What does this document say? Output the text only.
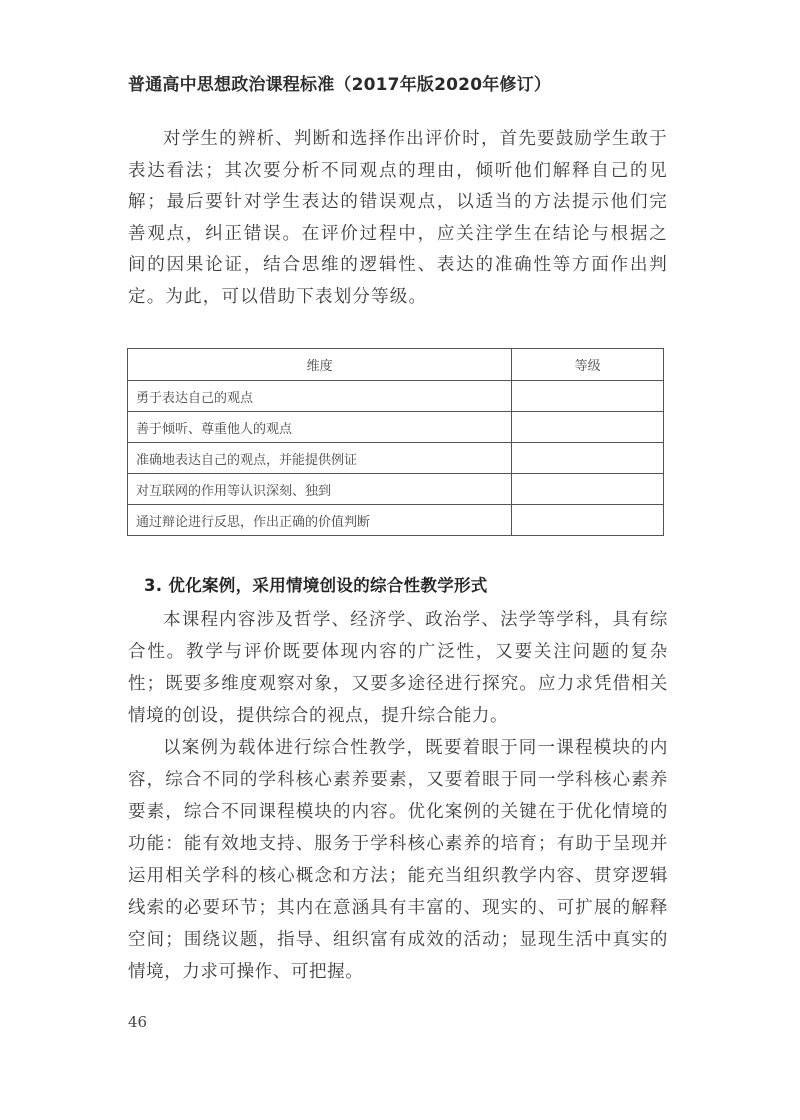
普通高中思想政治课程标准（2017年版2020年修订）

对学生的辨析、判断和选择作出评价时，首先要鼓励学生敢于表达看法；其次要分析不同观点的理由，倾听他们解释自己的见解；最后要针对学生表达的错误观点，以适当的方法提示他们完善观点，纠正错误。在评价过程中，应关注学生在结论与根据之间的因果论证，结合思维的逻辑性、表达的准确性等方面作出判定。为此，可以借助下表划分等级。

维度	等级
勇于表达自己的观点	
善于倾听、尊重他人的观点	
准确地表达自己的观点，并能提供例证	
对互联网的作用等认识深刻、独到	
通过辩论进行反思，作出正确的价值判断	
3. 优化案例，采用情境创设的综合性教学形式

本课程内容涉及哲学、经济学、政治学、法学等学科，具有综合性。教学与评价既要体现内容的广泛性，又要关注问题的复杂性；既要多维度观察对象，又要多途径进行探究。应力求凭借相关情境的创设，提供综合的视点，提升综合能力。

以案例为载体进行综合性教学，既要着眼于同一课程模块的内容，综合不同的学科核心素养要素，又要着眼于同一学科核心素养要素，综合不同课程模块的内容。优化案例的关键在于优化情境的功能：能有效地支持、服务于学科核心素养的培育；有助于呈现并运用相关学科的核心概念和方法；能充当组织教学内容、贯穿逻辑线索的必要环节；其内在意涵具有丰富的、现实的、可扩展的解释空间；围绕议题，指导、组织富有成效的活动；显现生活中真实的情境，力求可操作、可把握。

46
